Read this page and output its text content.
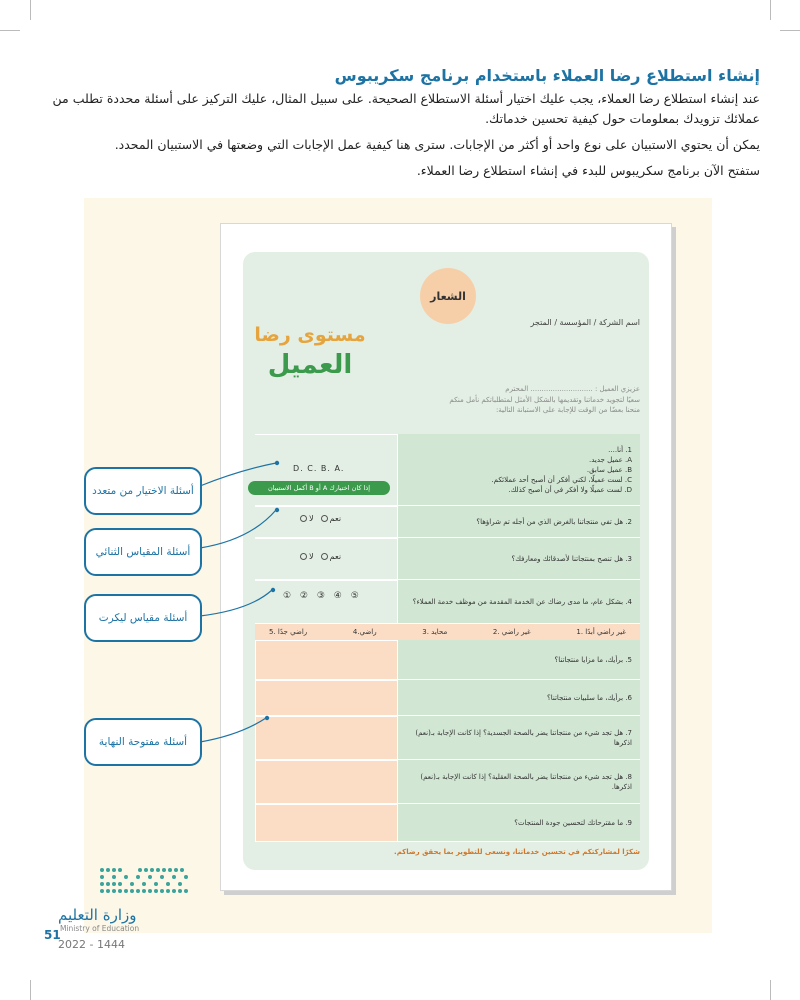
إنشاء استطلاع رضا العملاء باستخدام برنامج سكريبوس

عند إنشاء استطلاع رضا العملاء، يجب عليك اختيار أسئلة الاستطلاع الصحيحة. على سبيل المثال، عليك التركيز على أسئلة محددة تطلب من عملائك تزويدك بمعلومات حول كيفية تحسين خدماتك.

يمكن أن يحتوي الاستبيان على نوع واحد أو أكثر من الإجابات. سترى هنا كيفية عمل الإجابات التي وضعتها في الاستبيان المحدد.

ستفتح الآن برنامج سكريبوس للبدء في إنشاء استطلاع رضا العملاء.

الشعار
اسم الشركة / المؤسسة / المتجر
مستوى رضا
العميل
عزيزي العميل : ............................ المحترم
سعيًا لتجويد خدماتنا وتقديمها بالشكل الأمثل لمتطلباتكم نأمل منكم
منحنا بعضًا من الوقت للإجابة على الاستبانة التالية:
1. أنا....
A. عميل جديد.
B. عميل سابق.
C. لست عميلًا، لكني أفكر أن أصبح أحد عملائكم.
D. لست عميلًا ولا أفكر في أن أصبح كذلك.
D. C. B. A.
إذا كان اختيارك A أو B أكمل الاستبيان
2. هل تفي منتجاتنا بالغرض الذي من أجله تم شراؤها؟
نعم  لا
3. هل تنصح بمنتجاتنا لأصدقائك ومعارفك؟
نعم  لا
4. بشكل عام، ما مدى رضاك عن الخدمة المقدمة من موظف خدمة العملاء؟
① ② ③ ④ ⑤
1. غير راضي أبدًا
2. غير راضي
3. محايد
4.راضي
5. راضي جدًا
5. برأيك، ما مزايا منتجاتنا؟
6. برأيك، ما سلبيات منتجاتنا؟
7. هل تجد شيء من منتجاتنا يضر بالصحة الجسدية؟ إذا كانت الإجابة بـ(نعم) اذكرها
8. هل تجد شيء من منتجاتنا يضر بالصحة العقلية؟ إذا كانت الإجابة بـ(نعم) اذكرها.
9. ما مقترحاتك لتحسين جودة المنتجات؟
شكرًا لمشاركتكم في تحسين خدماتنا، ونسعى للتطوير بما يحقق رضاكم.
أسئلة الاختيار من متعدد
أسئلة المقياس الثنائي
أسئلة مقياس ليكرت
أسئلة مفتوحة النهاية
وزارة التعليم
Ministry of Education
51
2022 - 1444
